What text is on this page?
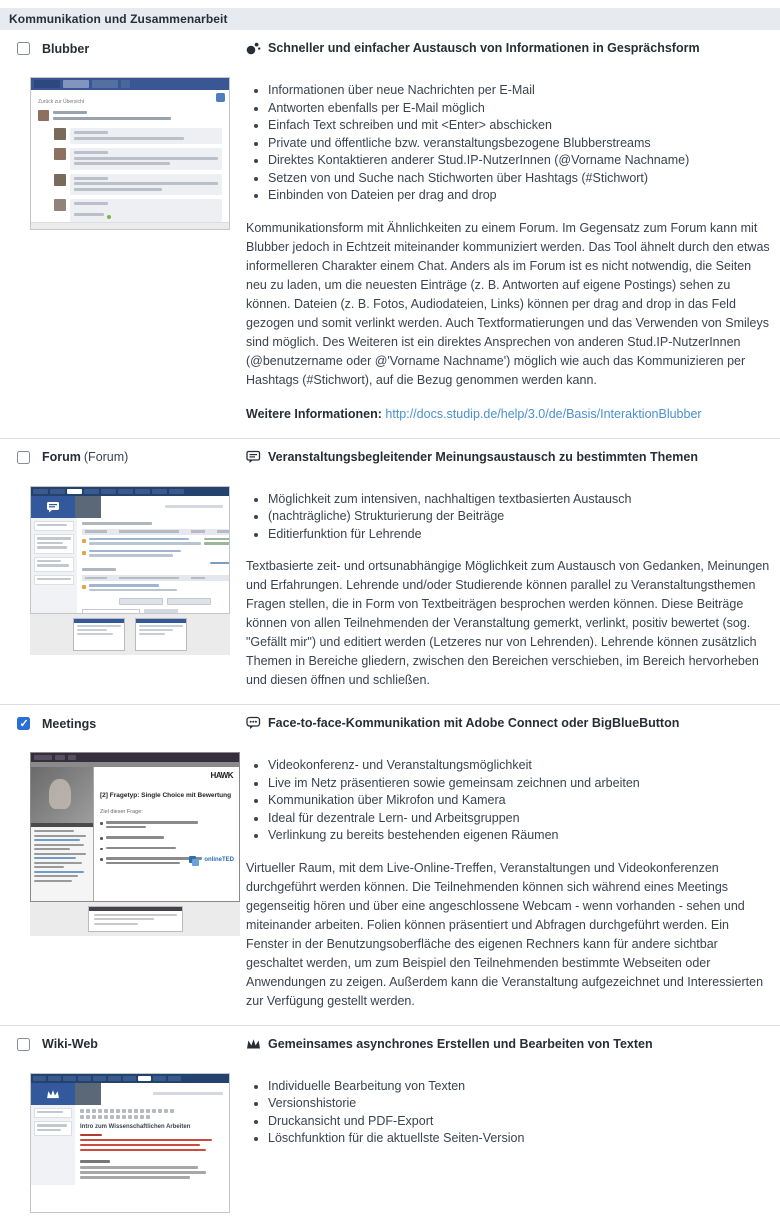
Kommunikation und Zusammenarbeit
Blubber
Zurück zur Übersicht
Schneller und einfacher Austausch von Informationen in Gesprächsform
• Informationen über neue Nachrichten per E-Mail
• Antworten ebenfalls per E-Mail möglich
• Einfach Text schreiben und mit <Enter> abschicken
• Private und öffentliche bzw. veranstaltungsbezogene Blubberstreams
• Direktes Kontaktieren anderer Stud.IP-NutzerInnen (@Vorname Nachname)
• Setzen von und Suche nach Stichworten über Hashtags (#Stichwort)
• Einbinden von Dateien per drag and drop

Kommunikationsform mit Ähnlichkeiten zu einem Forum. Im Gegensatz zum Forum kann mit Blubber jedoch in Echtzeit miteinander kommuniziert werden. Das Tool ähnelt durch den etwas informelleren Charakter einem Chat. Anders als im Forum ist es nicht notwendig, die Seiten neu zu laden, um die neuesten Einträge (z. B. Antworten auf eigene Postings) sehen zu können. Dateien (z. B. Fotos, Audiodateien, Links) können per drag and drop in das Feld gezogen und somit verlinkt werden. Auch Textformatierungen und das Verwenden von Smileys sind möglich. Des Weiteren ist ein direktes Ansprechen von anderen Stud.IP-NutzerInnen (@benutzername oder @'Vorname Nachname') möglich wie auch das Kommunizieren per Hashtags (#Stichwort), auf die Bezug genommen werden kann.

Weitere Informationen: http://docs.studip.de/help/3.0/de/Basis/InteraktionBlubber

Forum (Forum)	Veranstaltungsbegleitender Meinungsaustausch zu bestimmten Themen
• Möglichkeit zum intensiven, nachhaltigen textbasierten Austausch
• (nachträgliche) Strukturierung der Beiträge
• Editierfunktion für Lehrende

Textbasierte zeit- und ortsunabhängige Möglichkeit zum Austausch von Gedanken, Meinungen und Erfahrungen. Lehrende und/oder Studierende können parallel zu Veranstaltungsthemen Fragen stellen, die in Form von Textbeiträgen besprochen werden können. Diese Beiträge können von allen Teilnehmenden der Veranstaltung gemerkt, verlinkt, positiv bewertet (sog. "Gefällt mir") und editiert werden (Letzeres nur von Lehrenden). Lehrende können zusätzlich Themen in Bereiche gliedern, zwischen den Bereichen verschieben, im Bereich hervorheben und diesen öffnen und schließen.

✓
Meetings
HAWK
[2] Fragetyp: Single Choice mit Bewertung
Ziel dieser Frage:
onlineTED
Face-to-face-Kommunikation mit Adobe Connect oder BigBlueButton
• Videokonferenz- und Veranstaltungsmöglichkeit
• Live im Netz präsentieren sowie gemeinsam zeichnen und arbeiten
• Kommunikation über Mikrofon und Kamera
• Ideal für dezentrale Lern- und Arbeitsgruppen
• Verlinkung zu bereits bestehenden eigenen Räumen

Virtueller Raum, mit dem Live-Online-Treffen, Veranstaltungen und Videokonferenzen durchgeführt werden können. Die Teilnehmenden können sich während eines Meetings gegenseitig hören und über eine angeschlossene Webcam - wenn vorhanden - sehen und miteinander arbeiten. Folien können präsentiert und Abfragen durchgeführt werden. Ein Fenster in der Benutzungsoberfläche des eigenen Rechners kann für andere sichtbar geschaltet werden, um zum Beispiel den Teilnehmenden bestimmte Webseiten oder Anwendungen zu zeigen. Außerdem kann die Veranstaltung aufgezeichnet und Interessierten zur Verfügung gestellt werden.

Wiki-Web
Intro zum Wissenschaftlichen Arbeiten
Gemeinsames asynchrones Erstellen und Bearbeiten von Texten
• Individuelle Bearbeitung von Texten
• Versionshistorie
• Druckansicht und PDF-Export
• Löschfunktion für die aktuellste Seiten-Version
